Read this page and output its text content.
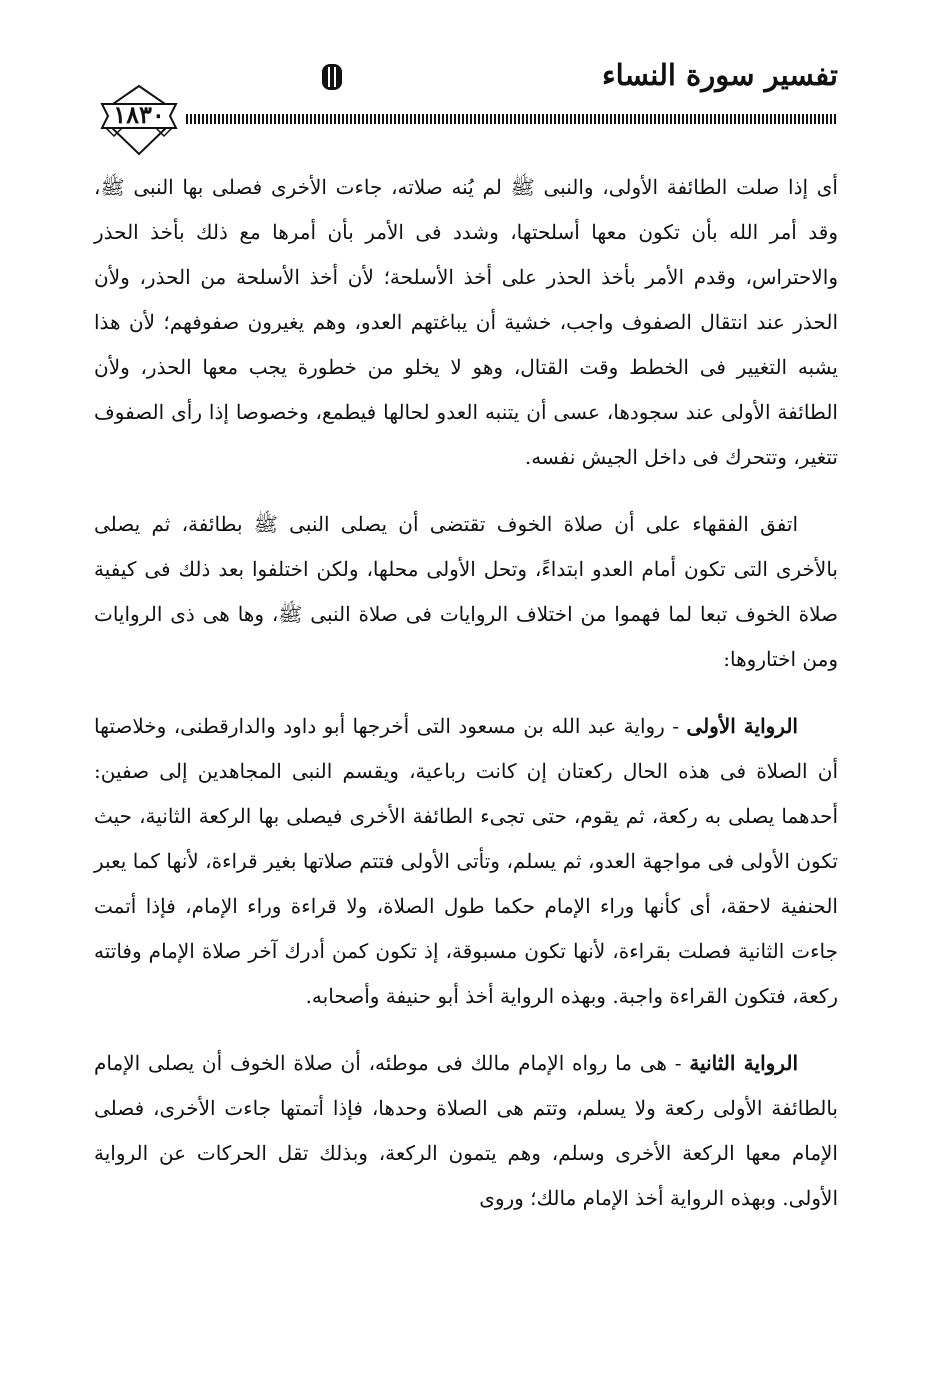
تفسير سورة النساء
١٨٣٠

أى إذا صلت الطائفة الأولى، والنبى ﷺ لم يُنه صلاته، جاءت الأخرى فصلى بها النبى ﷺ، وقد أمر الله بأن تكون معها أسلحتها، وشدد فى الأمر بأن أمرها مع ذلك بأخذ الحذر والاحتراس، وقدم الأمر بأخذ الحذر على أخذ الأسلحة؛ لأن أخذ الأسلحة من الحذر، ولأن الحذر عند انتقال الصفوف واجب، خشية أن يباغتهم العدو، وهم يغيرون صفوفهم؛ لأن هذا يشبه التغيير فى الخطط وقت القتال، وهو لا يخلو من خطورة يجب معها الحذر، ولأن الطائفة الأولى عند سجودها، عسى أن يتنبه العدو لحالها فيطمع، وخصوصا إذا رأى الصفوف تتغير، وتتحرك فى داخل الجيش نفسه.

اتفق الفقهاء على أن صلاة الخوف تقتضى أن يصلى النبى ﷺ بطائفة، ثم يصلى بالأخرى التى تكون أمام العدو ابتداءً، وتحل الأولى محلها، ولكن اختلفوا بعد ذلك فى كيفية صلاة الخوف تبعا لما فهموا من اختلاف الروايات فى صلاة النبى ﷺ، وها هى ذى الروايات ومن اختاروها:

الرواية الأولى - رواية عبد الله بن مسعود التى أخرجها أبو داود والدارقطنى، وخلاصتها أن الصلاة فى هذه الحال ركعتان إن كانت رباعية، ويقسم النبى المجاهدين إلى صفين: أحدهما يصلى به ركعة، ثم يقوم، حتى تجىء الطائفة الأخرى فيصلى بها الركعة الثانية، حيث تكون الأولى فى مواجهة العدو، ثم يسلم، وتأتى الأولى فتتم صلاتها بغير قراءة، لأنها كما يعبر الحنفية لاحقة، أى كأنها وراء الإمام حكما طول الصلاة، ولا قراءة وراء الإمام، فإذا أتمت جاءت الثانية فصلت بقراءة، لأنها تكون مسبوقة، إذ تكون كمن أدرك آخر صلاة الإمام وفاتته ركعة، فتكون القراءة واجبة. وبهذه الرواية أخذ أبو حنيفة وأصحابه.

الرواية الثانية - هى ما رواه الإمام مالك فى موطئه، أن صلاة الخوف أن يصلى الإمام بالطائفة الأولى ركعة ولا يسلم، وتتم هى الصلاة وحدها، فإذا أتمتها جاءت الأخرى، فصلى الإمام معها الركعة الأخرى وسلم، وهم يتمون الركعة، وبذلك تقل الحركات عن الرواية الأولى. وبهذه الرواية أخذ الإمام مالك؛ وروى
